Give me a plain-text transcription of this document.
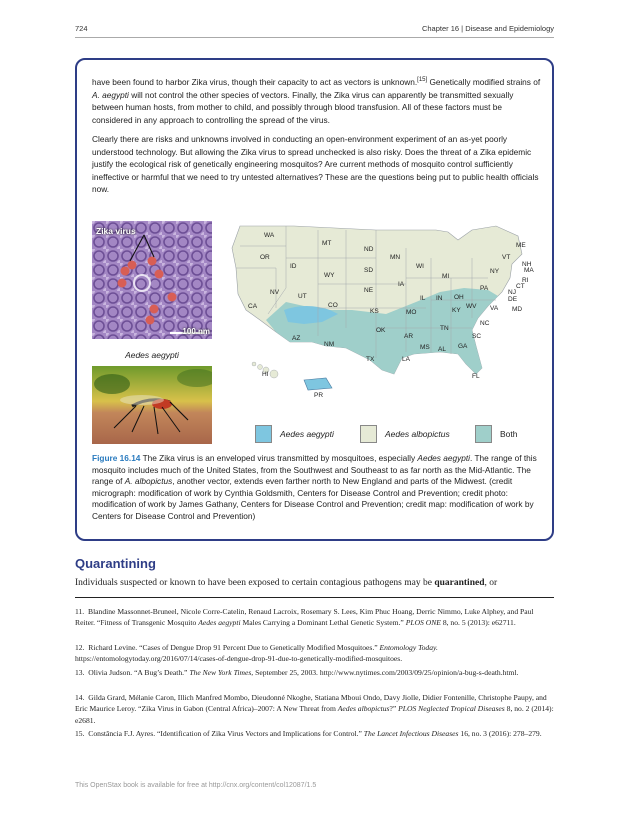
724	Chapter 16 | Disease and Epidemiology

have been found to harbor Zika virus, though their capacity to act as vectors is unknown.[15] Genetically modified strains of A. aegypti will not control the other species of vectors. Finally, the Zika virus can apparently be transmitted sexually between human hosts, from mother to child, and possibly through blood transfusion. All of these factors must be considered in any approach to controlling the spread of the virus.

Clearly there are risks and unknowns involved in conducting an open-environment experiment of an as-yet poorly understood technology. But allowing the Zika virus to spread unchecked is also risky. Does the threat of a Zika epidemic justify the ecological risk of genetically engineering mosquitos? Are current methods of mosquito control sufficiently ineffective or harmful that we need to try untested alternatives? These are the questions being put to public health officials now.

Zika virus
100 nm
Aedes aegypti
WA
OR
ID
MT
ND
SD
MN
WI
MI
NY
VT
NH
ME
MA
RI
CT
NJ
DE
MD
PA
OH
IN
IL
IA
NE
WY
NV
UT
CO
CA
AZ
NM
KS	MO	KY
WV VA
TN
NC
SC
GA
AL
MS
AR
OK
TX	LA
FL
HI
PR
Aedes aegypti	Aedes albopictus	Both

Figure 16.14 The Zika virus is an enveloped virus transmitted by mosquitoes, especially Aedes aegypti. The range of this mosquito includes much of the United States, from the Southwest and Southeast to as far north as the Mid-Atlantic. The range of A. albopictus, another vector, extends even farther north to New England and parts of the Midwest. (credit micrograph: modification of work by Cynthia Goldsmith, Centers for Disease Control and Prevention; credit photo: modification of work by James Gathany, Centers for Disease Control and Prevention; credit map: modification of work by Centers for Disease Control and Prevention)

Quarantining

Individuals suspected or known to have been exposed to certain contagious pathogens may be quarantined, or

11.  Blandine Massonnet-Bruneel, Nicole Corre-Catelin, Renaud Lacroix, Rosemary S. Lees, Kim Phuc Hoang, Derric Nimmo, Luke Alphey, and Paul Reiter. “Fitness of Transgenic Mosquito Aedes aegypti Males Carrying a Dominant Lethal Genetic System.” PLOS ONE 8, no. 5 (2013): e62711.

12.  Richard Levine. “Cases of Dengue Drop 91 Percent Due to Genetically Modified Mosquitoes.” Entomology Today. https://entomologytoday.org/2016/07/14/cases-of-dengue-drop-91-due-to-genetically-modified-mosquitoes.

13.  Olivia Judson. “A Bug’s Death.” The New York Times, September 25, 2003. http://www.nytimes.com/2003/09/25/opinion/a-bug-s-death.html.

14.  Gilda Grard, Mélanie Caron, Illich Manfred Mombo, Dieudonné Nkoghe, Statiana Mboui Ondo, Davy Jiolle, Didier Fontenille, Christophe Paupy, and Eric Maurice Leroy. “Zika Virus in Gabon (Central Africa)–2007: A New Threat from Aedes albopictus?” PLOS Neglected Tropical Diseases 8, no. 2 (2014): e2681.

15.  Constância F.J. Ayres. “Identification of Zika Virus Vectors and Implications for Control.” The Lancet Infectious Diseases 16, no. 3 (2016): 278–279.

This OpenStax book is available for free at http://cnx.org/content/col12087/1.5
